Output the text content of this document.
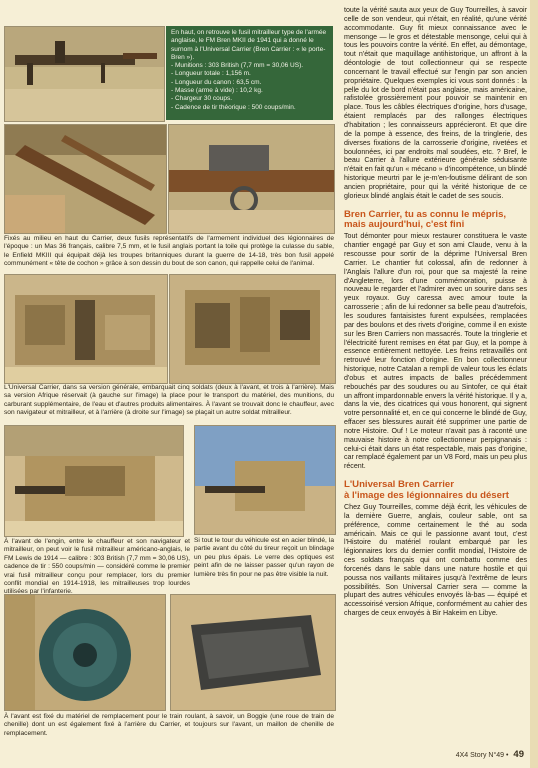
En haut, on retrouve le fusil mitrailleur type de l'armée anglaise, le FM Bren MKII de 1941 qui a donné le surnom à l'Universal Carrier (Bren Carrier : « le porte-Bren »).
- Munitions : 303 British (7,7 mm = 30,06 US).
- Longueur totale : 1,156 m.
- Longueur du canon : 63,5 cm.
- Masse (arme à vide) : 10,2 kg.
- Chargeur 30 coups.
- Cadence de tir théorique : 500 coups/min.
Fixés au milieu en haut du Carrier, deux fusils représentatifs de l'armement individuel des légionnaires de l'époque : un Mas 36 français, calibre 7,5 mm, et le fusil anglais portant la toile qui protège la culasse du sable, le Enfield MKIII qui équipait déjà les troupes britanniques durant la guerre de 14-18, très bon fusil appelé communément « tête de cochon » grâce à son dessin du bout de son canon, qui rappelle celui de l'animal.
L'Universal Carrier, dans sa version générale, embarquait cinq soldats (deux à l'avant, et trois à l'arrière). Mais sa version Afrique réservait (à gauche sur l'image) la place pour le transport du matériel, des munitions, du carburant supplémentaire, de l'eau et d'autres produits alimentaires. À l'avant se trouvait donc le chauffeur, avec son navigateur et mitrailleur, et à l'arrière (à droite sur l'image) se plaçait un autre soldat mitrailleur.
À l'avant de l'engin, entre le chauffeur et son navigateur et mitrailleur, on peut voir le fusil mitrailleur américano-anglais, le FM Lewis de 1914 — calibre : 303 British (7,7 mm = 30,06 US), cadence de tir : 550 coups/min — considéré comme le premier vrai fusil mitrailleur conçu pour remplacer, lors du premier conflit mondial en 1914-1918, les mitrailleuses trop lourdes utilisées par l'infanterie.
Si tout le tour du véhicule est en acier blindé, la partie avant du côté du tireur reçoit un blindage un peu plus épais. Le verre des optiques est peint afin de ne laisser passer qu'un rayon de lumière très fin pour ne pas être visible la nuit.
À l'avant est fixé du matériel de remplacement pour le train roulant, à savoir, un Boggie (une roue de train de chenille) dont un est également fixé à l'arrière du Carrier, et toujours sur l'avant, un maillon de chenille de remplacement.

toute la vérité sauta aux yeux de Guy Tourreilles, à savoir celle de son vendeur, qui n'était, en réalité, qu'une vérité accommodante. Guy fit mieux connaissance avec le mensonge — le gros et détestable mensonge, celui qui à tous les pouvoirs contre la vérité. En effet, au démontage, tout n'était que maquillage antihistorique, un affront à la déontologie de tout collectionneur qui se respecte concernant le travail effectué sur l'engin par son ancien propriétaire. Quelques exemples ici vous sont donnés : la pelle du lot de bord n'était pas anglaise, mais américaine, rafistolée grossièrement pour pouvoir se maintenir en place. Tous les câbles électriques d'origine, hors d'usage, étaient remplacés par des rallonges électriques d'habitation ; les connaisseurs apprécieront. Et que dire de la pompe à essence, des freins, de la tringlerie, des diverses fixations de la carrosserie d'origine, rivetées et boulonnées, ici par endroits mal soudées, etc. ? Bref, le beau Carrier à l'allure extérieure générale séduisante n'était en fait qu'un « mécano » d'incompétence, un blindé historique meurtri par le je-m'en-foutisme délirant de son ancien propriétaire, pour qui la vérité historique de ce glorieux blindé anglais était le cadet de ses soucis.

Bren Carrier, tu as connu le mépris,
mais aujourd'hui, c'est fini

Tout démonter pour mieux restaurer constituera le vaste chantier engagé par Guy et son ami Claude, venu à la rescousse pour sortir de la déprime l'Universal Bren Carrier. Le chantier fut colossal, afin de redonner à l'Anglais l'allure d'un roi, pour que sa majesté la reine d'Angleterre, lors d'une commémoration, puisse à nouveau le regarder et l'admirer avec un sourire dans ses yeux royaux. Guy caressa avec amour toute la carrosserie ; afin de lui redonner sa belle peau d'autrefois, les soudures fantaisistes furent expulsées, remplacées par des boulons et des rivets d'origine, comme il en existe sur les Bren Carriers non massacrés. Toute la tringlerie et l'électricité furent remises en état par Guy, et la pompe à essence entièrement nettoyée. Les freins retravaillés ont retrouvé leur fonction d'origine. En bon collectionneur historique, notre Catalan a rempli de valeur tous les éclats d'obus et autres impacts de balles précédemment rebouchés par des soudures ou au Sintofer, ce qui était un affront impardonnable envers la vérité historique. Il y a, dans la vie, des cicatrices qui vous honorent, qui signent votre personnalité et, en ce qui concerne le blindé de Guy, effacer ses blessures aurait été supprimer une partie de notre Histoire. Ouf ! Le moteur n'avait pas à raconté une mauvaise histoire à notre collectionneur perpignanais : celui-ci était dans un état respectable, mais pas d'origine, car remplacé également par un V8 Ford, mais un peu plus récent.

L'Universal Bren Carrier
à l'image des légionnaires du désert

Chez Guy Tourreilles, comme déjà écrit, les véhicules de la dernière Guerre, anglais, couleur sable, ont sa préférence, comme certainement le thé au soda américain. Mais ce qui le passionne avant tout, c'est l'Histoire du matériel roulant embarqué par les légionnaires lors du dernier conflit mondial, l'Histoire de ces soldats français qui ont combattu comme des forcenés dans le sable dans une nature hostile et qui poussa nos vaillants militaires jusqu'à l'extrême de leurs possibilités. Son Universal Carrier sera — comme la plupart des autres véhicules envoyés là-bas — équipé et accessoirisé version Afrique, conformément au cahier des charges de ceux envoyés à Bir Hakeim en Libye.

4X4 Story N°49 • 49
